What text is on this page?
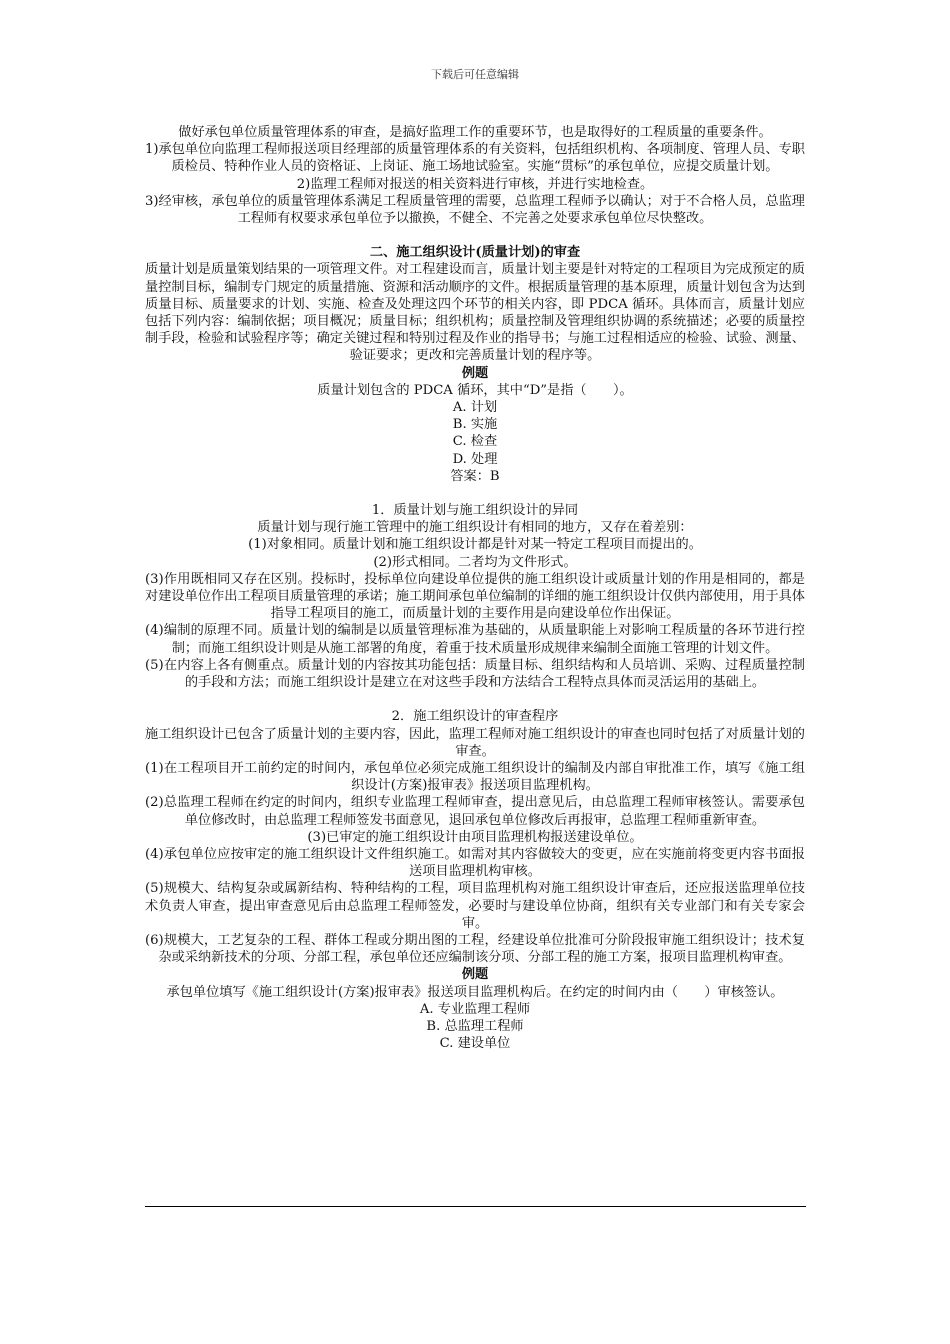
下载后可任意编辑

做好承包单位质量管理体系的审查，是搞好监理工作的重要环节，也是取得好的工程质量的重要条件。

1)承包单位向监理工程师报送项目经理部的质量管理体系的有关资料，包括组织机构、各项制度、管理人员、专职质检员、特种作业人员的资格证、上岗证、施工场地试验室。实施“贯标”的承包单位，应提交质量计划。

2)监理工程师对报送的相关资料进行审核，并进行实地检查。

3)经审核，承包单位的质量管理体系满足工程质量管理的需要，总监理工程师予以确认；对于不合格人员，总监理工程师有权要求承包单位予以撤换，不健全、不完善之处要求承包单位尽快整改。

二、施工组织设计(质量计划)的审查

质量计划是质量策划结果的一项管理文件。对工程建设而言，质量计划主要是针对特定的工程项目为完成预定的质量控制目标，编制专门规定的质量措施、资源和活动顺序的文件。根据质量管理的基本原理，质量计划包含为达到质量目标、质量要求的计划、实施、检查及处理这四个环节的相关内容，即 PDCA 循环。具体而言，质量计划应包括下列内容：编制依据；项目概况；质量目标；组织机构；质量控制及管理组织协调的系统描述；必要的质量控制手段，检验和试验程序等；确定关键过程和特别过程及作业的指导书；与施工过程相适应的检验、试验、测量、验证要求；更改和完善质量计划的程序等。

例题

质量计划包含的 PDCA 循环，其中“D”是指（　　）。

A. 计划

B. 实施

C. 检查

D. 处理

答案：B

1．质量计划与施工组织设计的异同

质量计划与现行施工管理中的施工组织设计有相同的地方，又存在着差别：

(1)对象相同。质量计划和施工组织设计都是针对某一特定工程项目而提出的。

(2)形式相同。二者均为文件形式。

(3)作用既相同又存在区别。投标时，投标单位向建设单位提供的施工组织设计或质量计划的作用是相同的，都是对建设单位作出工程项目质量管理的承诺；施工期间承包单位编制的详细的施工组织设计仅供内部使用，用于具体指导工程项目的施工，而质量计划的主要作用是向建设单位作出保证。

(4)编制的原理不同。质量计划的编制是以质量管理标准为基础的，从质量职能上对影响工程质量的各环节进行控制；而施工组织设计则是从施工部署的角度，着重于技术质量形成规律来编制全面施工管理的计划文件。

(5)在内容上各有侧重点。质量计划的内容按其功能包括：质量目标、组织结构和人员培训、采购、过程质量控制的手段和方法；而施工组织设计是建立在对这些手段和方法结合工程特点具体而灵活运用的基础上。

2．施工组织设计的审查程序

施工组织设计已包含了质量计划的主要内容，因此，监理工程师对施工组织设计的审查也同时包括了对质量计划的审查。

(1)在工程项目开工前约定的时间内，承包单位必须完成施工组织设计的编制及内部自审批准工作，填写《施工组织设计(方案)报审表》报送项目监理机构。

(2)总监理工程师在约定的时间内，组织专业监理工程师审查，提出意见后，由总监理工程师审核签认。需要承包单位修改时，由总监理工程师签发书面意见，退回承包单位修改后再报审，总监理工程师重新审查。

(3)已审定的施工组织设计由项目监理机构报送建设单位。

(4)承包单位应按审定的施工组织设计文件组织施工。如需对其内容做较大的变更，应在实施前将变更内容书面报送项目监理机构审核。

(5)规模大、结构复杂或属新结构、特种结构的工程，项目监理机构对施工组织设计审查后，还应报送监理单位技术负责人审查，提出审查意见后由总监理工程师签发，必要时与建设单位协商，组织有关专业部门和有关专家会审。

(6)规模大，工艺复杂的工程、群体工程或分期出图的工程，经建设单位批准可分阶段报审施工组织设计；技术复杂或采纳新技术的分项、分部工程，承包单位还应编制该分项、分部工程的施工方案，报项目监理机构审查。

例题

承包单位填写《施工组织设计(方案)报审表》报送项目监理机构后。在约定的时间内由（　　）审核签认。

A. 专业监理工程师

B. 总监理工程师

C. 建设单位
